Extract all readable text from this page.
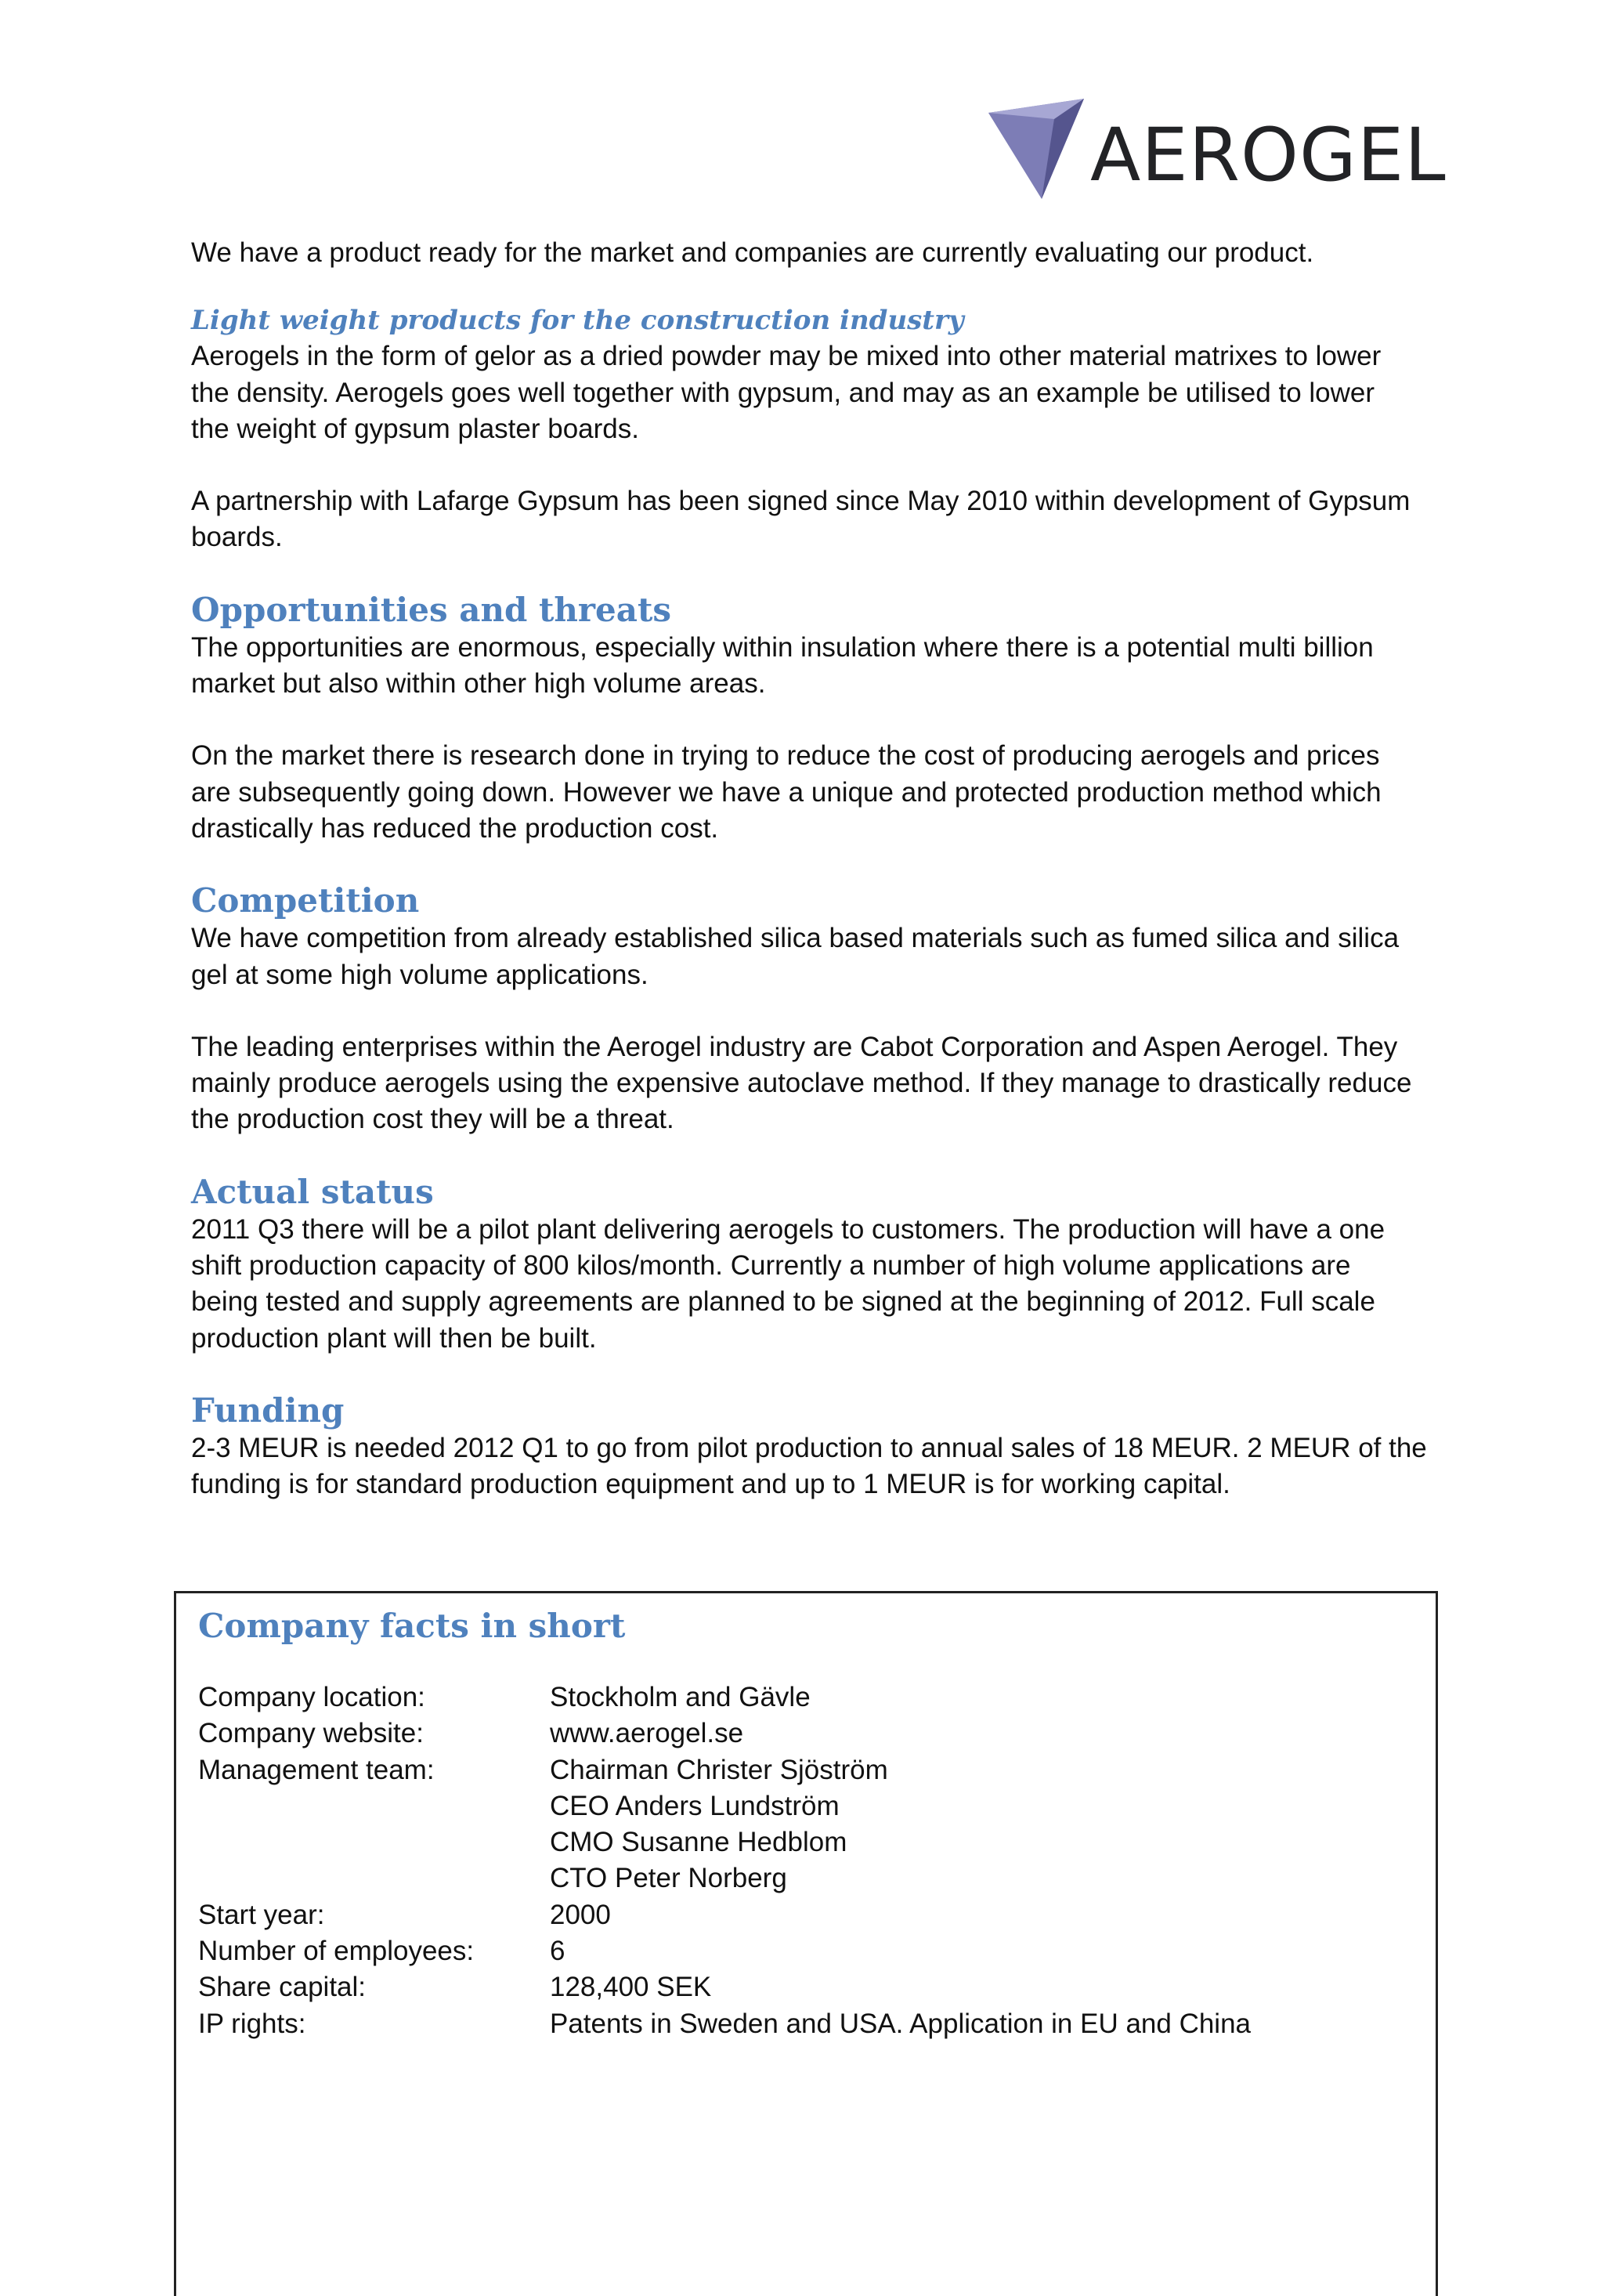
AEROGEL

We have a product ready for the market and companies are currently evaluating our product.

Light weight products for the construction industry

Aerogels in the form of gelor as a dried powder may be mixed into other material matrixes to lower
the density. Aerogels goes well together with gypsum, and may as an example be utilised to lower
the weight of gypsum plaster boards.

A partnership with Lafarge Gypsum has been signed since May 2010 within development of Gypsum
boards.

Opportunities and threats

The opportunities are enormous, especially within insulation where there is a potential multi billion
market but also within other high volume areas.

On the market there is research done in trying to reduce the cost of producing aerogels and prices
are subsequently going down. However we have a unique and protected production method which
drastically has reduced the production cost.

Competition

We have competition from already established silica based materials such as fumed silica and silica
gel at some high volume applications.

The leading enterprises within the Aerogel industry are Cabot Corporation and Aspen Aerogel. They
mainly produce aerogels using the expensive autoclave method. If they manage to drastically reduce
the production cost they will be a threat.

Actual status

2011 Q3 there will be a pilot plant delivering aerogels to customers. The production will have a one
shift production capacity of 800 kilos/month. Currently a number of high volume applications are
being tested and supply agreements are planned to be signed at the beginning of 2012. Full scale
production plant will then be built.

Funding

2-3 MEUR is needed 2012 Q1 to go from pilot production to annual sales of 18 MEUR. 2 MEUR of the
funding is for standard production equipment and up to 1 MEUR is for working capital.

Company facts in short
Company location:	Stockholm and Gävle
Company website:	www.aerogel.se
Management team:	Chairman Christer Sjöström
CEO Anders Lundström
CMO Susanne Hedblom
CTO Peter Norberg
Start year:	2000
Number of employees:	6
Share capital:	128,400 SEK
IP rights:	Patents in Sweden and USA. Application in EU and China
